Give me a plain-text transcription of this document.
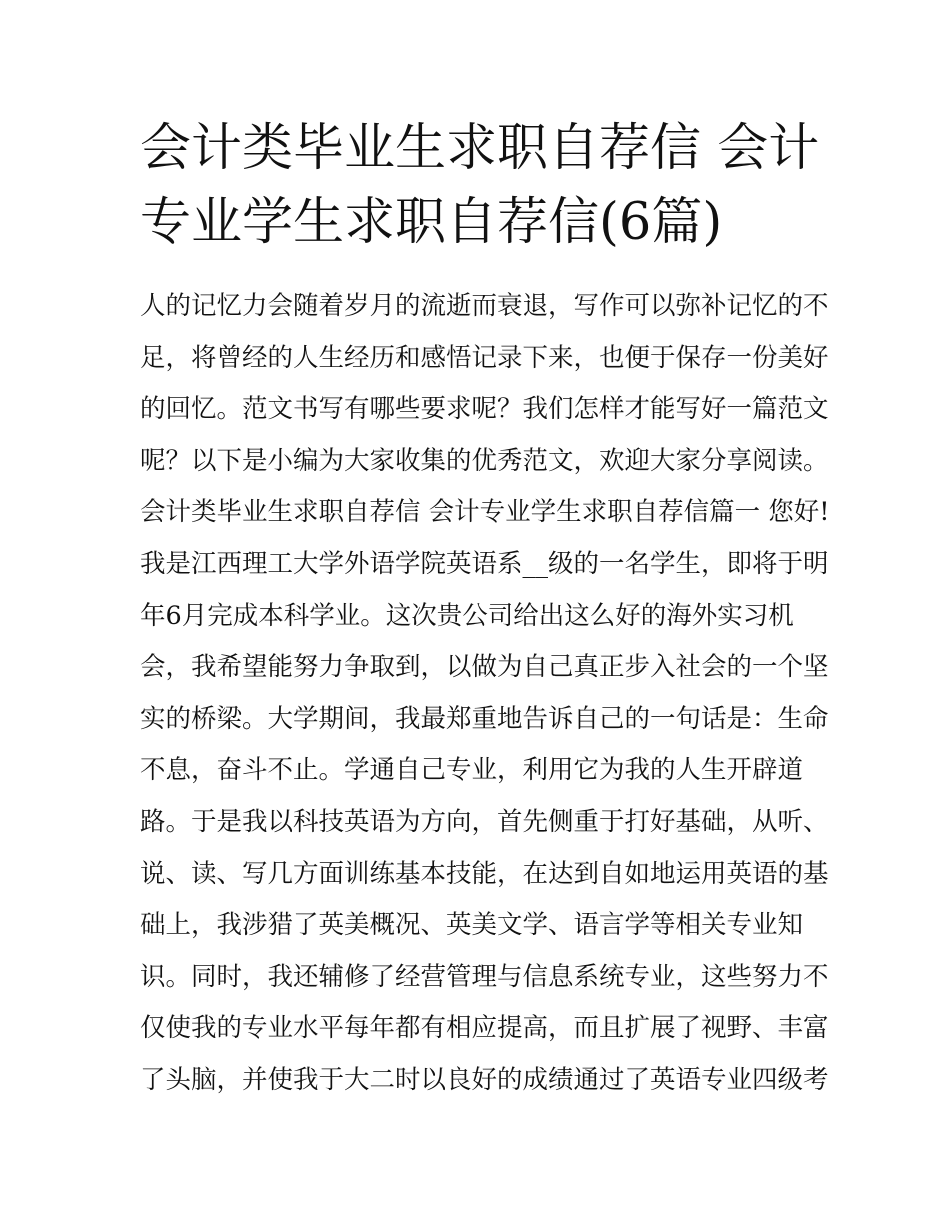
会计类毕业生求职自荐信 会计
专业学生求职自荐信(6篇)
人的记忆力会随着岁月的流逝而衰退，写作可以弥补记忆的不
足，将曾经的人生经历和感悟记录下来，也便于保存一份美好
的回忆。范文书写有哪些要求呢？我们怎样才能写好一篇范文
呢？以下是小编为大家收集的优秀范文，欢迎大家分享阅读。
会计类毕业生求职自荐信 会计专业学生求职自荐信篇一 您好!
我是江西理工大学外语学院英语系__级的一名学生，即将于明
年6月完成本科学业。这次贵公司给出这么好的海外实习机
会，我希望能努力争取到，以做为自己真正步入社会的一个坚
实的桥梁。大学期间，我最郑重地告诉自己的一句话是：生命
不息，奋斗不止。学通自己专业，利用它为我的人生开辟道
路。于是我以科技英语为方向，首先侧重于打好基础，从听、
说、读、写几方面训练基本技能，在达到自如地运用英语的基
础上，我涉猎了英美概况、英美文学、语言学等相关专业知
识。同时，我还辅修了经营管理与信息系统专业，这些努力不
仅使我的专业水平每年都有相应提高，而且扩展了视野、丰富
了头脑，并使我于大二时以良好的成绩通过了英语专业四级考
